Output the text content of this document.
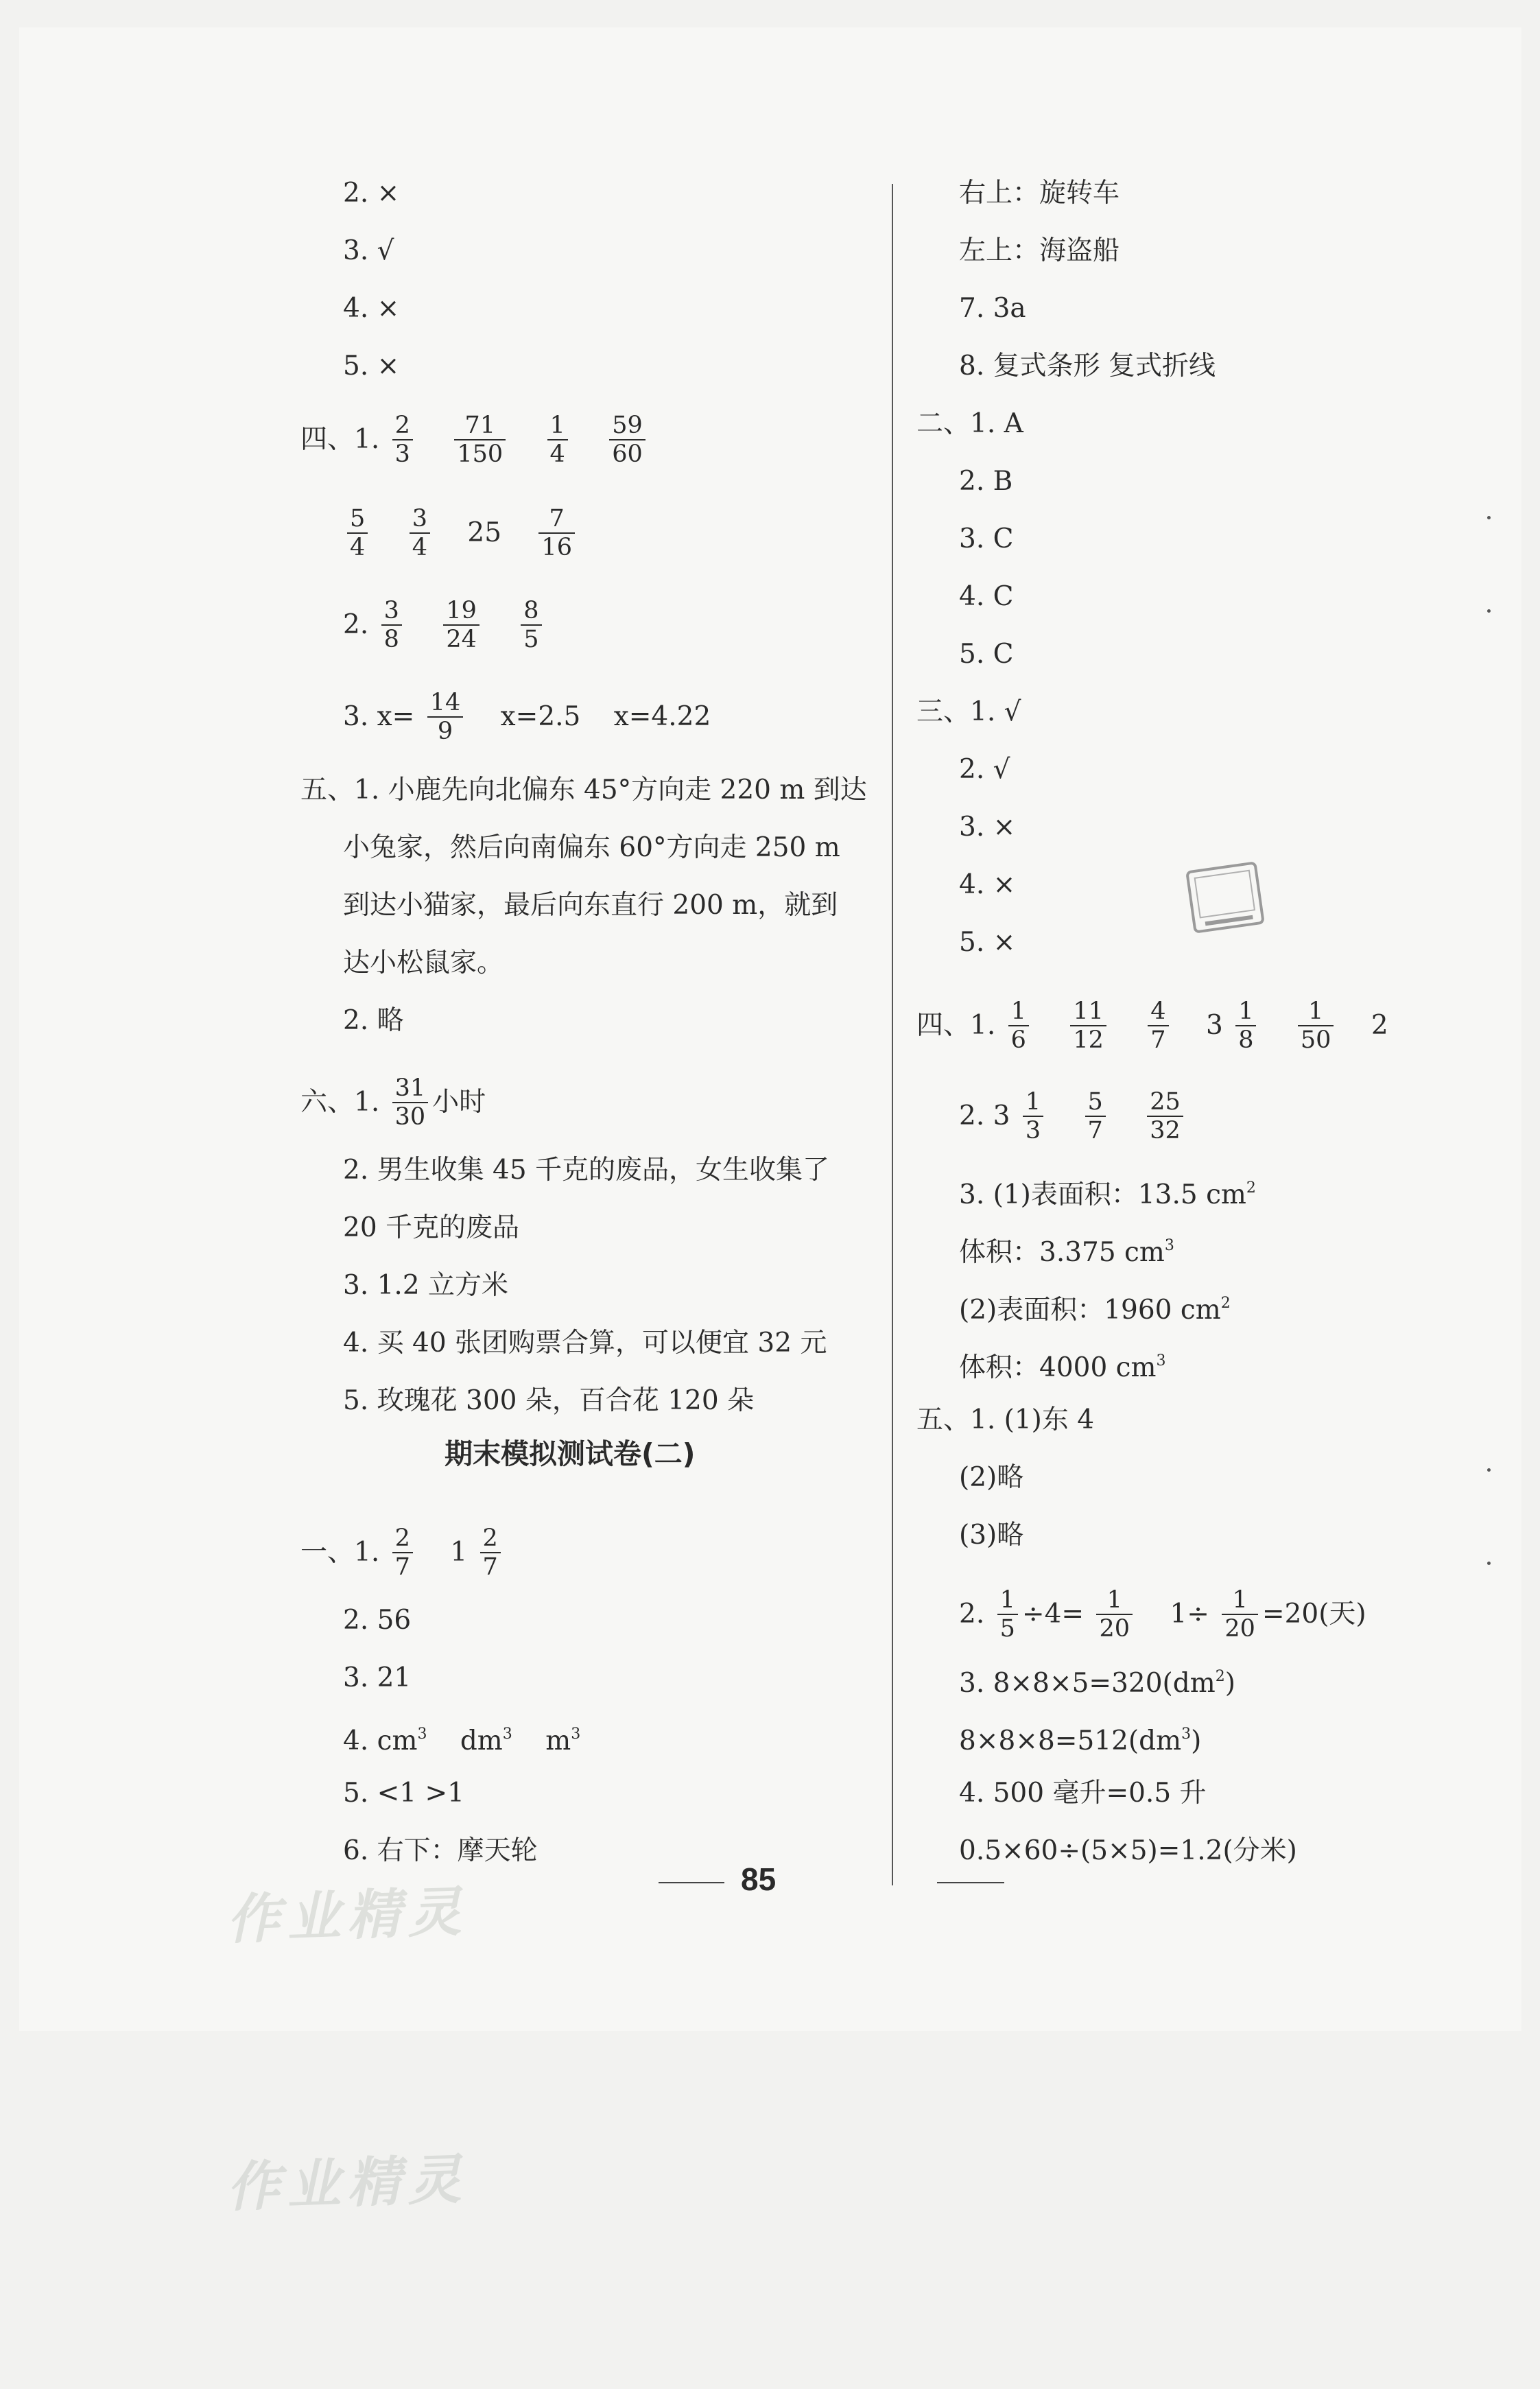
2. ×
3. √
4. ×
5. ×
四、1. $\frac{2}{3}$
$\frac{71}{150}$
$\frac{1}{4}$
$\frac{59}{60}$
$\frac{5}{4}$
$\frac{3}{4} 25 \frac{7}{16}$
2. $\frac{3}{8}$
$\frac{19}{24}$
$\frac{8}{5}$
3. $x= \frac{14}{9} x=2.5$ x=4.22
五、1. 小鹿先向北偏东 45°方向走 220 m 到达
小兔家，然后向南偏东 60°方向走 250 m
到达小猫家，最后向东直行 200 m，就到
达小松鼠家。
2. 略
六、1. $\frac{31}{30}$ 小时
2. 男生收集 45 千克的废品，女生收集了
20 千克的废品
3. 1.2 立方米
4. 买 40 张团购票合算，可以便宜 32 元
5. 玫瑰花 300 朵，百合花 120 朵
期末模拟测试卷(二)
一、1. $\frac{2}{7} 1 \frac{2}{7}$
2. 56
3. 21
4. $cm^3$ $dm^3$ $m^3$
5. <1 >1
6. 右下：摩天轮
右上：旋转车
左上：海盗船
7. 3a
8. 复式条形 复式折线
二、1. A
2. B
3. C
4. C
5. C
三、1. √
2. √
3. ×
4. ×
5. ×
四、1. $\frac{1}{6}$
$\frac{11}{12}$
$\frac{4}{7} 3 \frac{1}{8}$
$\frac{1}{50} 2$
2. $3 \frac{1}{3}$
$\frac{5}{7}$
$\frac{25}{32}$
3. (1)表面积：13.5 $cm^2$
体积：3.375 $cm^3$
(2)表面积：1960 $cm^2$
体积：4000 $cm^3$
五、1. (1)东 4
(2)略
(3)略
2. $\frac{1}{5} \div 4= \frac{1}{20} 1\div \frac{1}{20} =20$(天)
3. $8\times 8\times 5=320(dm^2)$
$8\times 8\times 8=512(dm^3)$
4. 500 毫升=0.5 升
0.5×60÷(5×5)=1.2(分米)
85
作业精灵
作业精灵
